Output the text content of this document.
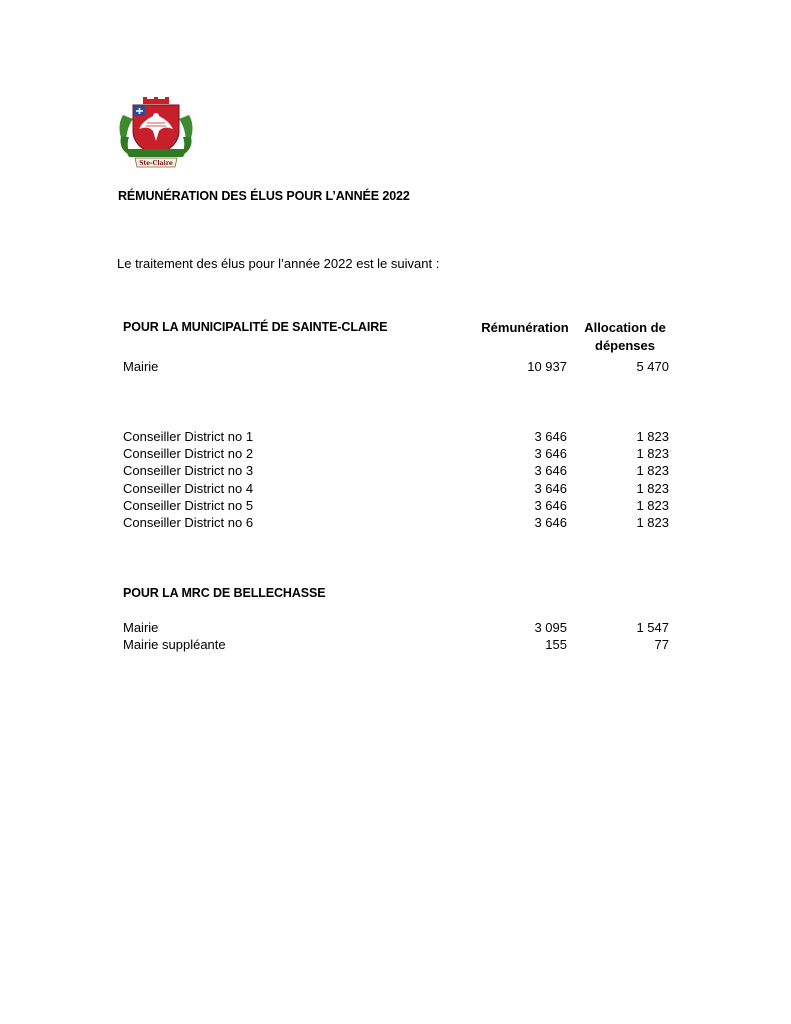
Ste-Claire
RÉMUNÉRATION DES ÉLUS POUR L’ANNÉE 2022
Le traitement des élus pour l’année 2022 est le suivant :
POUR LA MUNICIPALITÉ DE SAINTE-CLAIRE	Rémunération	Allocation de
dépenses
Mairie	10 937	5 470
Conseiller District no 1	3 646	1 823
Conseiller District no 2	3 646	1 823
Conseiller District no 3	3 646	1 823
Conseiller District no 4	3 646	1 823
Conseiller District no 5	3 646	1 823
Conseiller District no 6	3 646	1 823
POUR LA MRC DE BELLECHASSE
Mairie	3 095	1 547
Mairie suppléante	155	77
